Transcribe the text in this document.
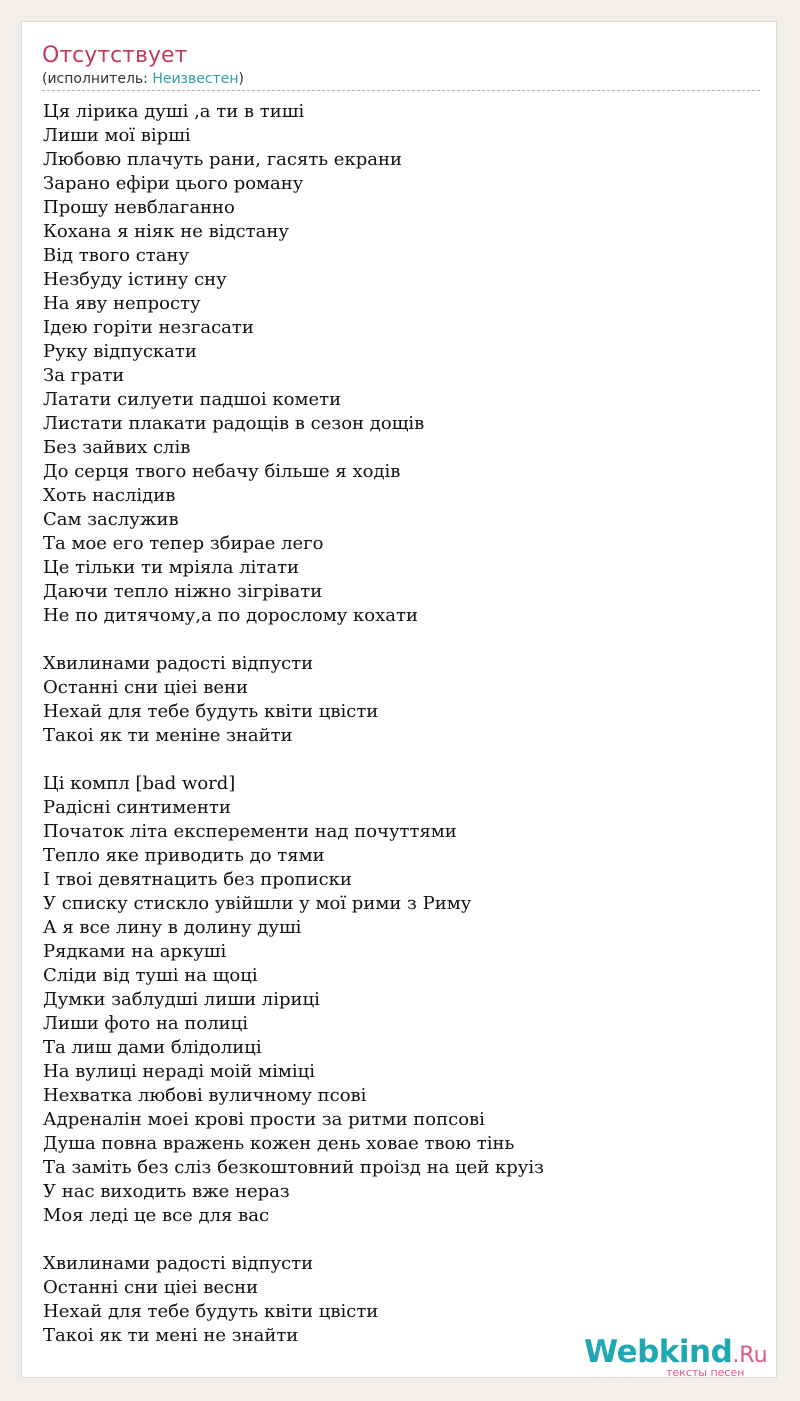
Отсутствует
(исполнитель: Неизвестен)
Ця лірика душі ,а ти в тиші
Лиши мої вірші
Любовю плачуть рани, гасять екрани
Зарано ефіри цього роману
Прошу невблаганно
Кохана я ніяк не відстану
Від твого стану
Незбуду істину сну
На яву непросту
Ідею горіти незгасати
Руку відпускати
За грати
Латати силуети падшоі комети
Листати плакати радощів в сезон дощів
Без зайвих слів
До серця твого небачу більше я ходів
Хоть наслідив
Сам заслужив
Та мое его тепер збирае лего
Це тільки ти мріяла літати
Даючи тепло ніжно зігрівати
Не по дитячому,а по дорослому кохати
Хвилинами радості відпусти
Останні сни ціеі вени
Нехай для тебе будуть квіти цвісти
Такоі як ти меніне знайти
Ці компл [bad word]
Радісні синтименти
Початок літа експеременти над почуттями
Тепло яке приводить до тями
І твоі девятнацить без прописки
У списку стискло увійшли у мої рими з Риму
А я все лину в долину душі
Рядками на аркуші
Сліди від туші на щоці
Думки заблудші лиши ліриці
Лиши фото на полиці
Та лиш дами блідолиці
На вулиці нераді моій міміці
Нехватка любові вуличному псові
Адреналін моеі крові прости за ритми попсові
Душа повна вражень кожен день ховае твою тінь
Та заміть без сліз безкоштовний проізд на цей круіз
У нас виходить вже нераз
Моя леді це все для вас
Хвилинами радості відпусти
Останні сни ціеі весни
Нехай для тебе будуть квіти цвісти
Такоі як ти мені не знайти	Webkind.Ru
тексты песен
